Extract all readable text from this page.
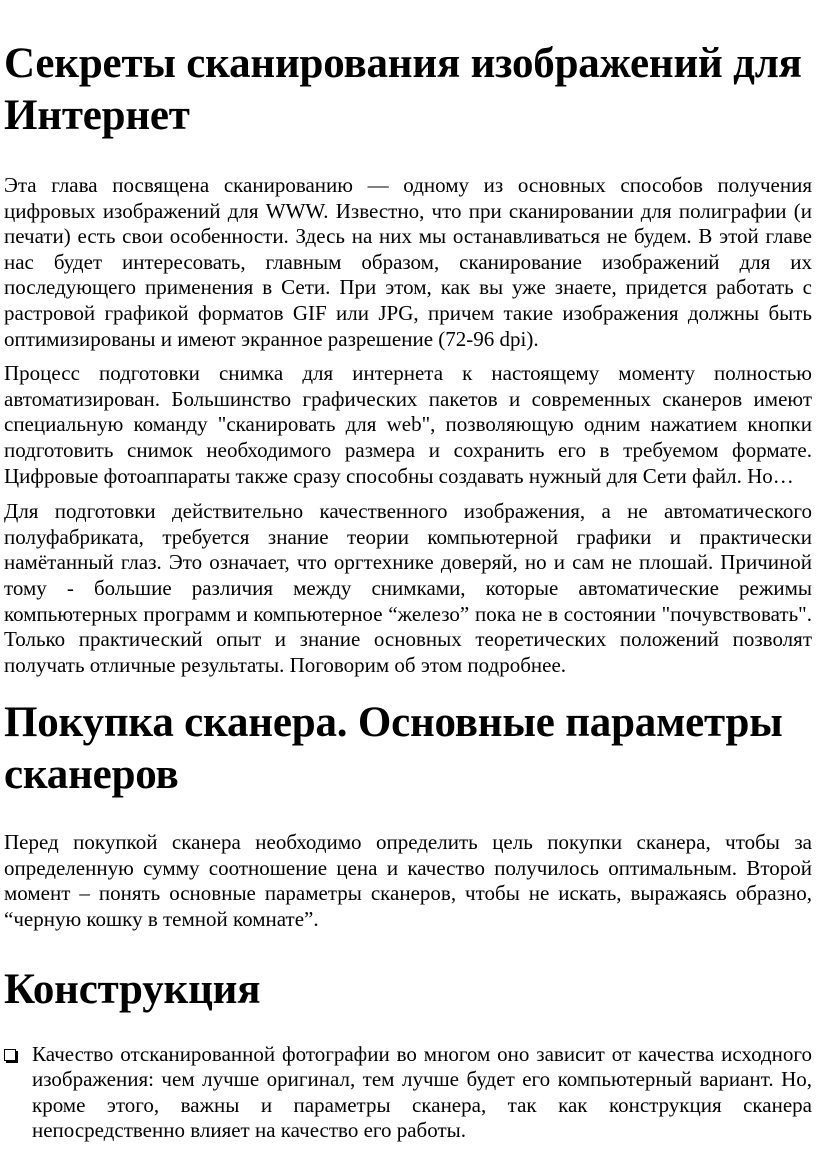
Секреты сканирования изображений для Интернет

Эта глава посвящена сканированию — одному из основных способов получения цифровых изображений для WWW. Известно, что при сканировании для полиграфии (и печати) есть свои особенности. Здесь на них мы останавливаться не будем. В этой главе нас будет интересовать, главным образом, сканирование изображений для их последующего применения в Сети. При этом, как вы уже знаете, придется работать с растровой графикой форматов GIF или JPG, причем такие изображения должны быть оптимизированы и имеют экранное разрешение (72-96 dpi).

Процесс подготовки снимка для интернета к настоящему моменту полностью автоматизирован. Большинство графических пакетов и современных сканеров имеют специальную команду "сканировать для web", позволяющую одним нажатием кнопки подготовить снимок необходимого размера и сохранить его в требуемом формате. Цифровые фотоаппараты также сразу способны создавать нужный для Сети файл. Но…

Для подготовки действительно качественного изображения, а не автоматического полуфабриката, требуется знание теории компьютерной графики и практически намётанный глаз. Это означает, что оргтехнике доверяй, но и сам не плошай. Причиной тому - большие различия между снимками, которые автоматические режимы компьютерных программ и компьютерное “железо” пока не в состоянии "почувствовать". Только практический опыт и знание основных теоретических положений позволят получать отличные результаты. Поговорим об этом подробнее.

Покупка сканера. Основные параметры сканеров

Перед покупкой сканера необходимо определить цель покупки сканера, чтобы за определенную сумму соотношение цена и качество получилось оптимальным. Второй момент – понять основные параметры сканеров, чтобы не искать, выражаясь образно, “черную кошку в темной комнате”.

Конструкция
Качество отсканированной фотографии во многом оно зависит от качества исходного изображения: чем лучше оригинал, тем лучше будет его компьютерный вариант. Но, кроме этого, важны и параметры сканера, так как конструкция сканера непосредственно влияет на качество его работы.
